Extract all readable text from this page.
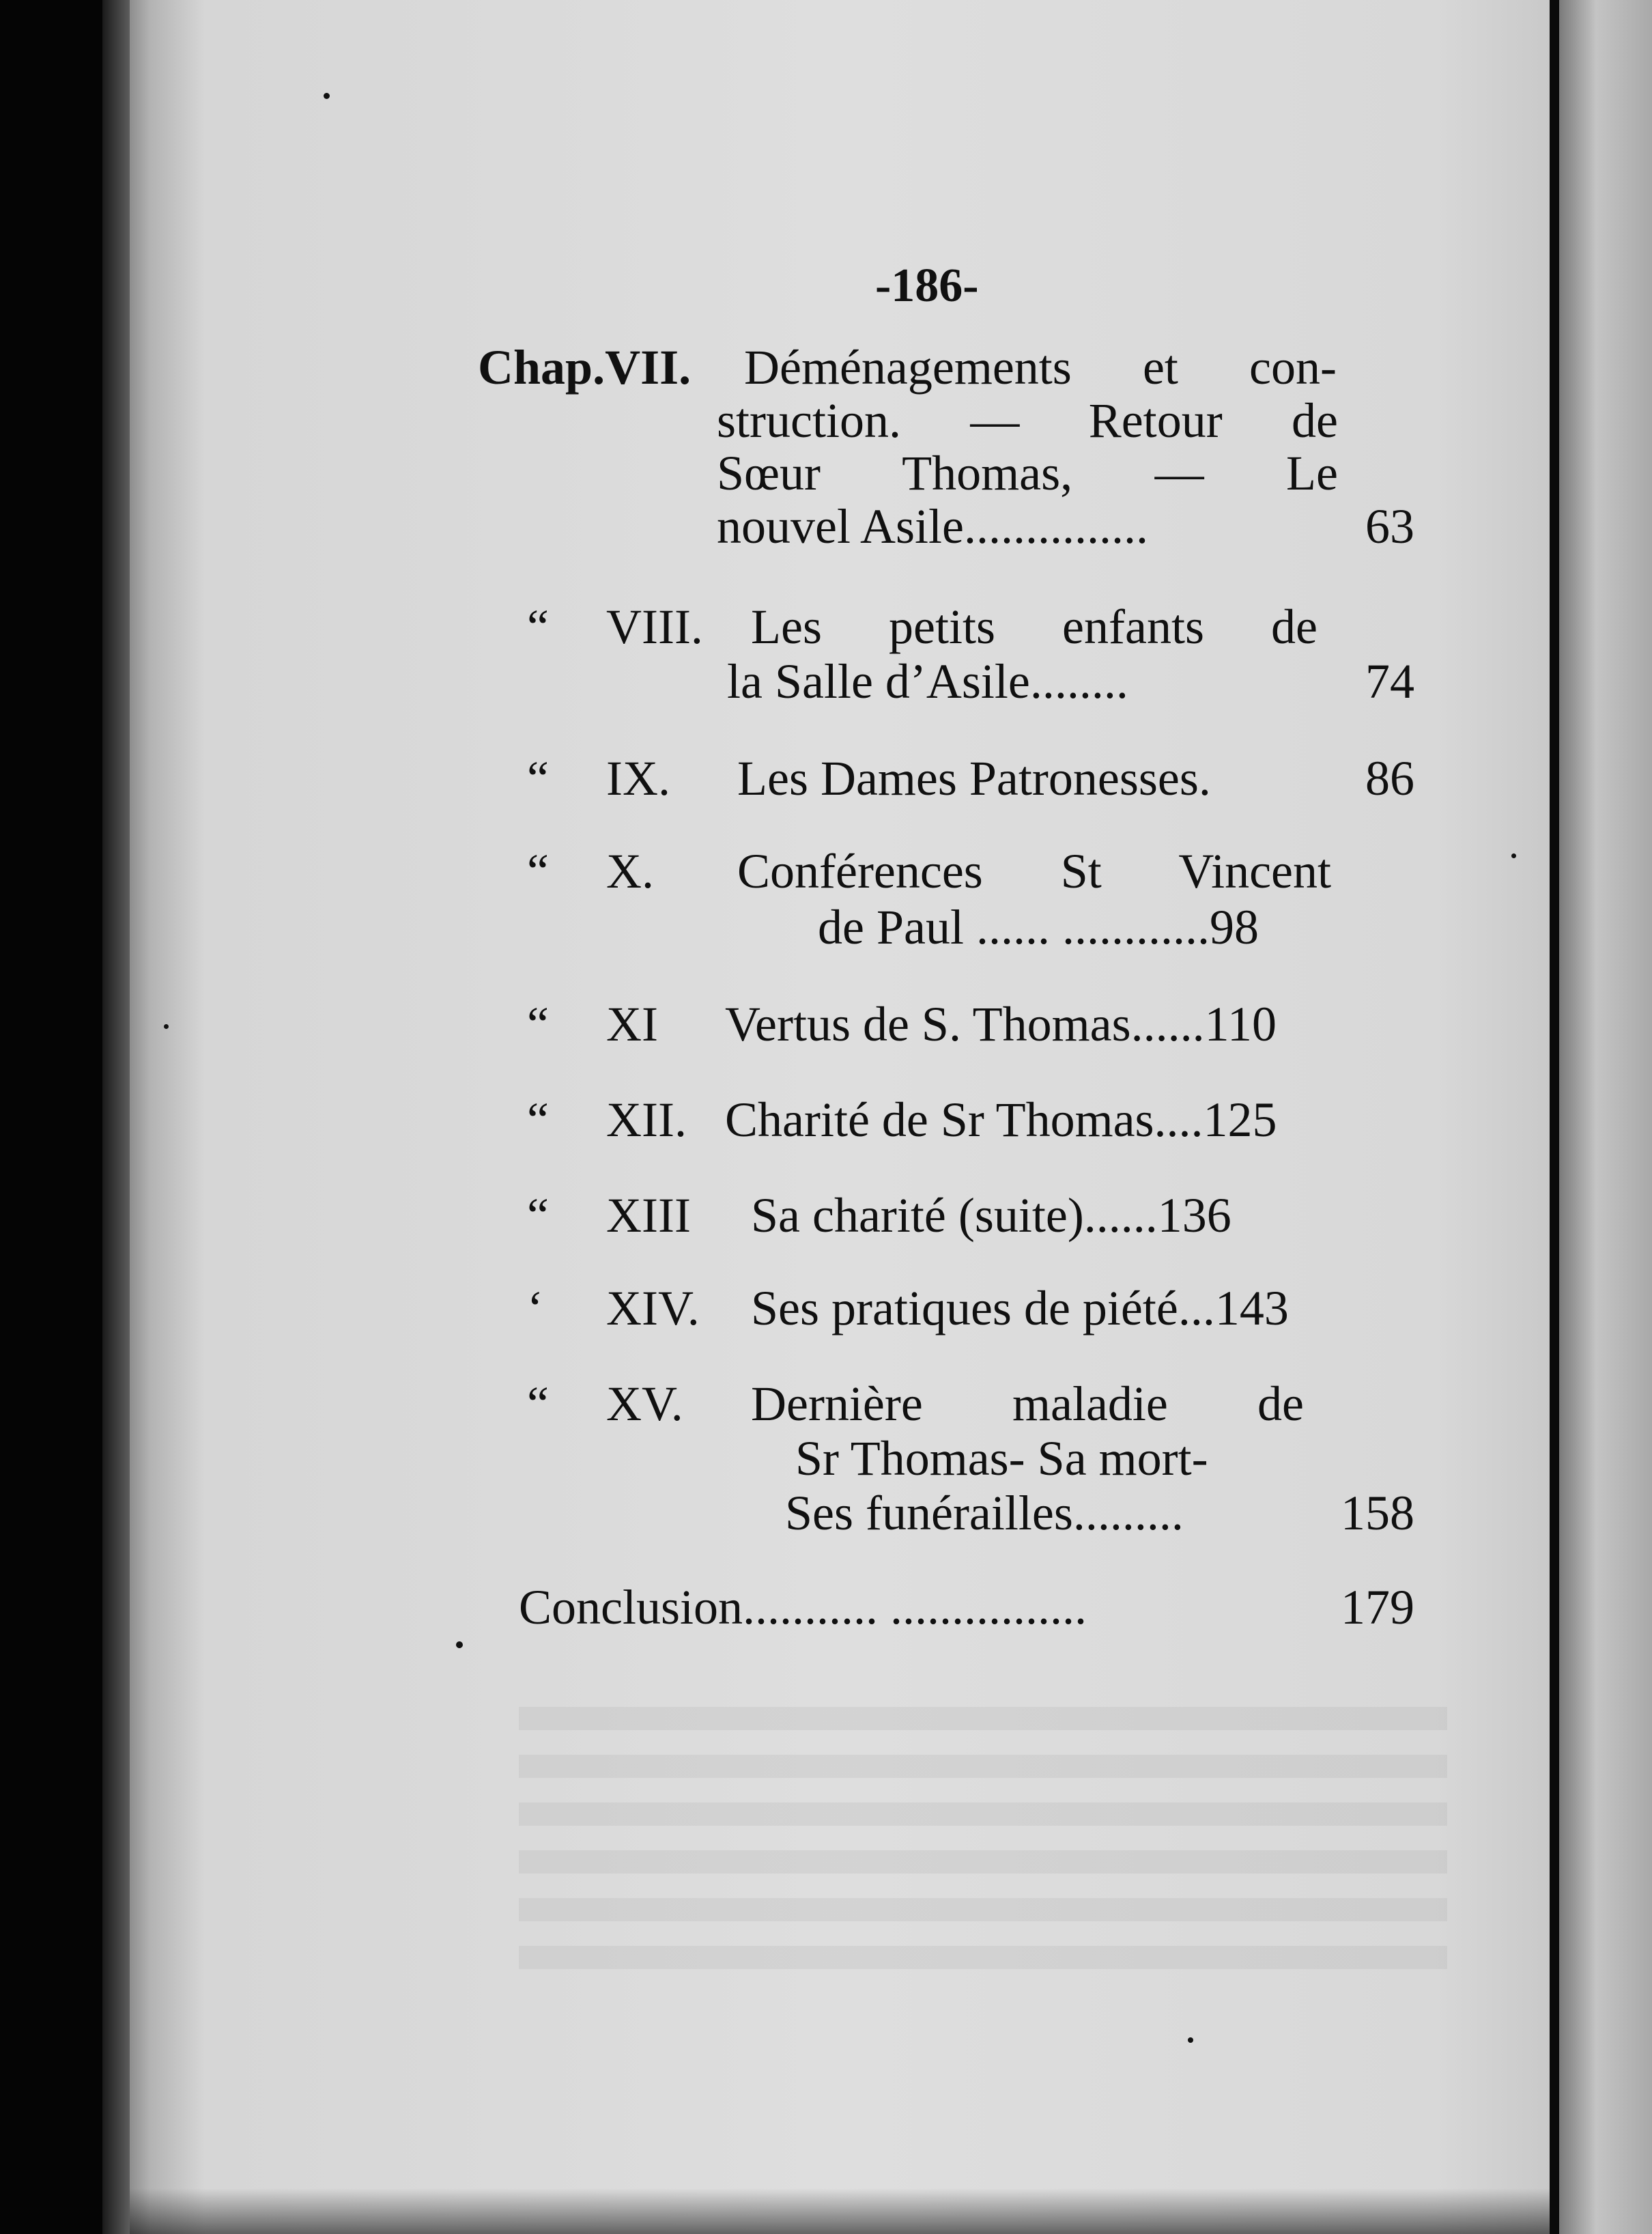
-186-
Chap.VII. Déménagements et con-
struction. — Retour de
Sœur Thomas, — Le
nouvel Asile...............	63
“ VIII. Les petits enfants de
la Salle d’Asile........	74
“ IX. Les Dames Patronesses.	86
“ X. Conférences St Vincent
de Paul ...... ............98
“ XI Vertus de S. Thomas......110
“ XII. Charité de Sr Thomas....125
“ XIII Sa charité (suite)......136
‘ XIV. Ses pratiques de piété...143
“ XV. Dernière maladie de
Sr Thomas- Sa mort-
Ses funérailles.........	158
Conclusion........... ................	179
